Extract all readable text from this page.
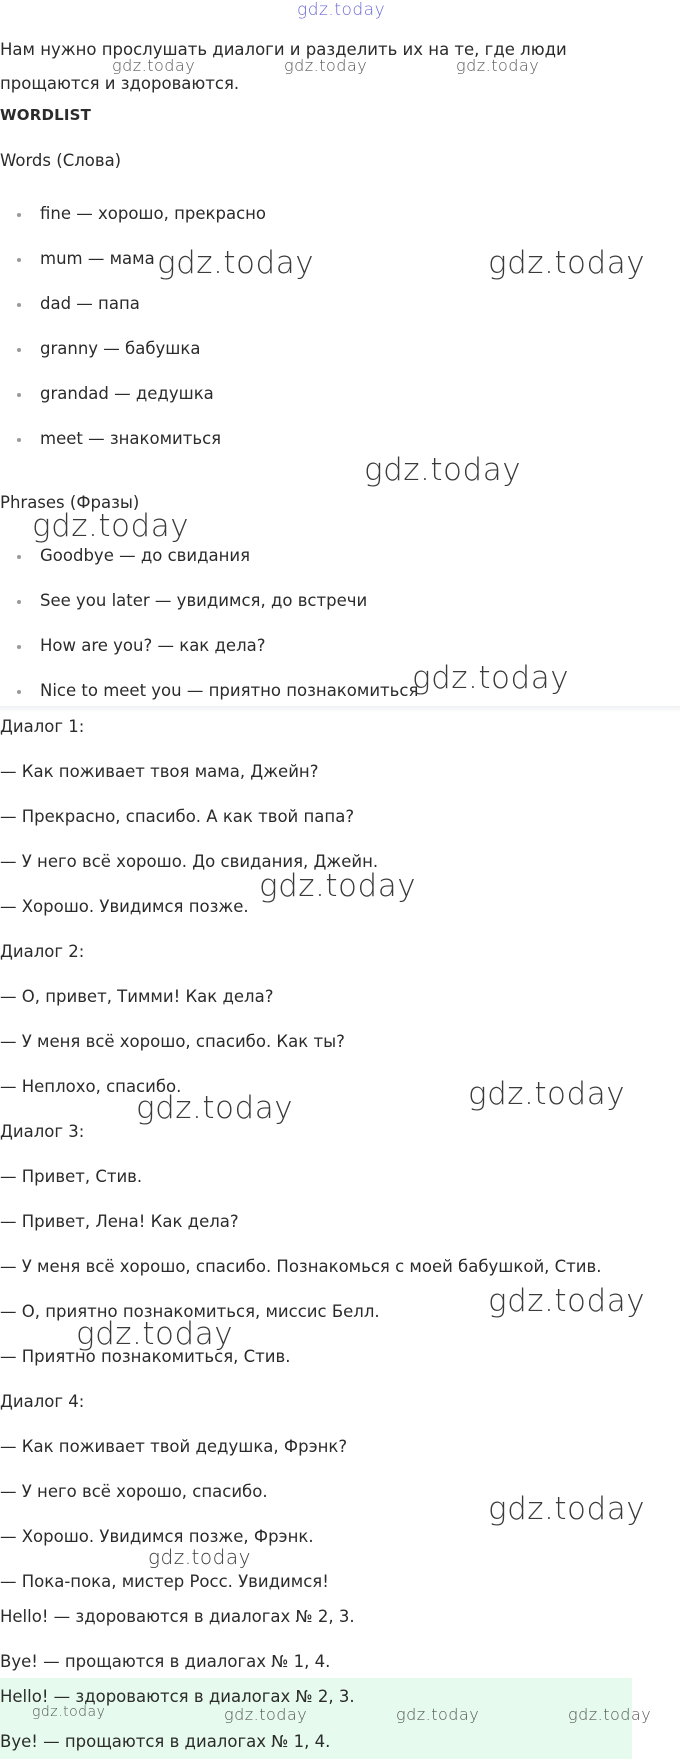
gdz.today
Нам нужно прослушать диалоги и разделить их на те, где люди прощаются и здороваются.
gdz.today	gdz.today	gdz.today
WORDLIST
Words (Слова)
fine — хорошо, прекрасно
mum — мама
dad — папа
granny — бабушка
grandad — дедушка
meet — знакомиться
Phrases (Фразы)
Goodbye — до свидания
See you later — увидимся, до встречи
How are you? — как дела?
Nice to meet you — приятно познакомиться
Диалог 1:
— Как поживает твоя мама, Джейн?
— Прекрасно, спасибо. А как твой папа?
— У него всё хорошо. До свидания, Джейн.
— Хорошо. Увидимся позже.
Диалог 2:
— О, привет, Тимми! Как дела?
— У меня всё хорошо, спасибо. Как ты?
— Неплохо, спасибо.
Диалог 3:
— Привет, Стив.
— Привет, Лена! Как дела?
— У меня всё хорошо, спасибо. Познакомься с моей бабушкой, Стив.
— О, приятно познакомиться, миссис Белл.
— Приятно познакомиться, Стив.
Диалог 4:
— Как поживает твой дедушка, Фрэнк?
— У него всё хорошо, спасибо.
— Хорошо. Увидимся позже, Фрэнк.
— Пока-пока, мистер Росс. Увидимся!
Hello! — здороваются в диалогах № 2, 3.
Bye! — прощаются в диалогах № 1, 4.
Hello! — здороваются в диалогах № 2, 3.
Bye! — прощаются в диалогах № 1, 4.
gdz.today	gdz.today
gdz.today
gdz.today
gdz.today
gdz.today
gdz.today
gdz.today
gdz.today
gdz.today
gdz.today
gdz.today
gdz.today	gdz.today	gdz.today	gdz.today
